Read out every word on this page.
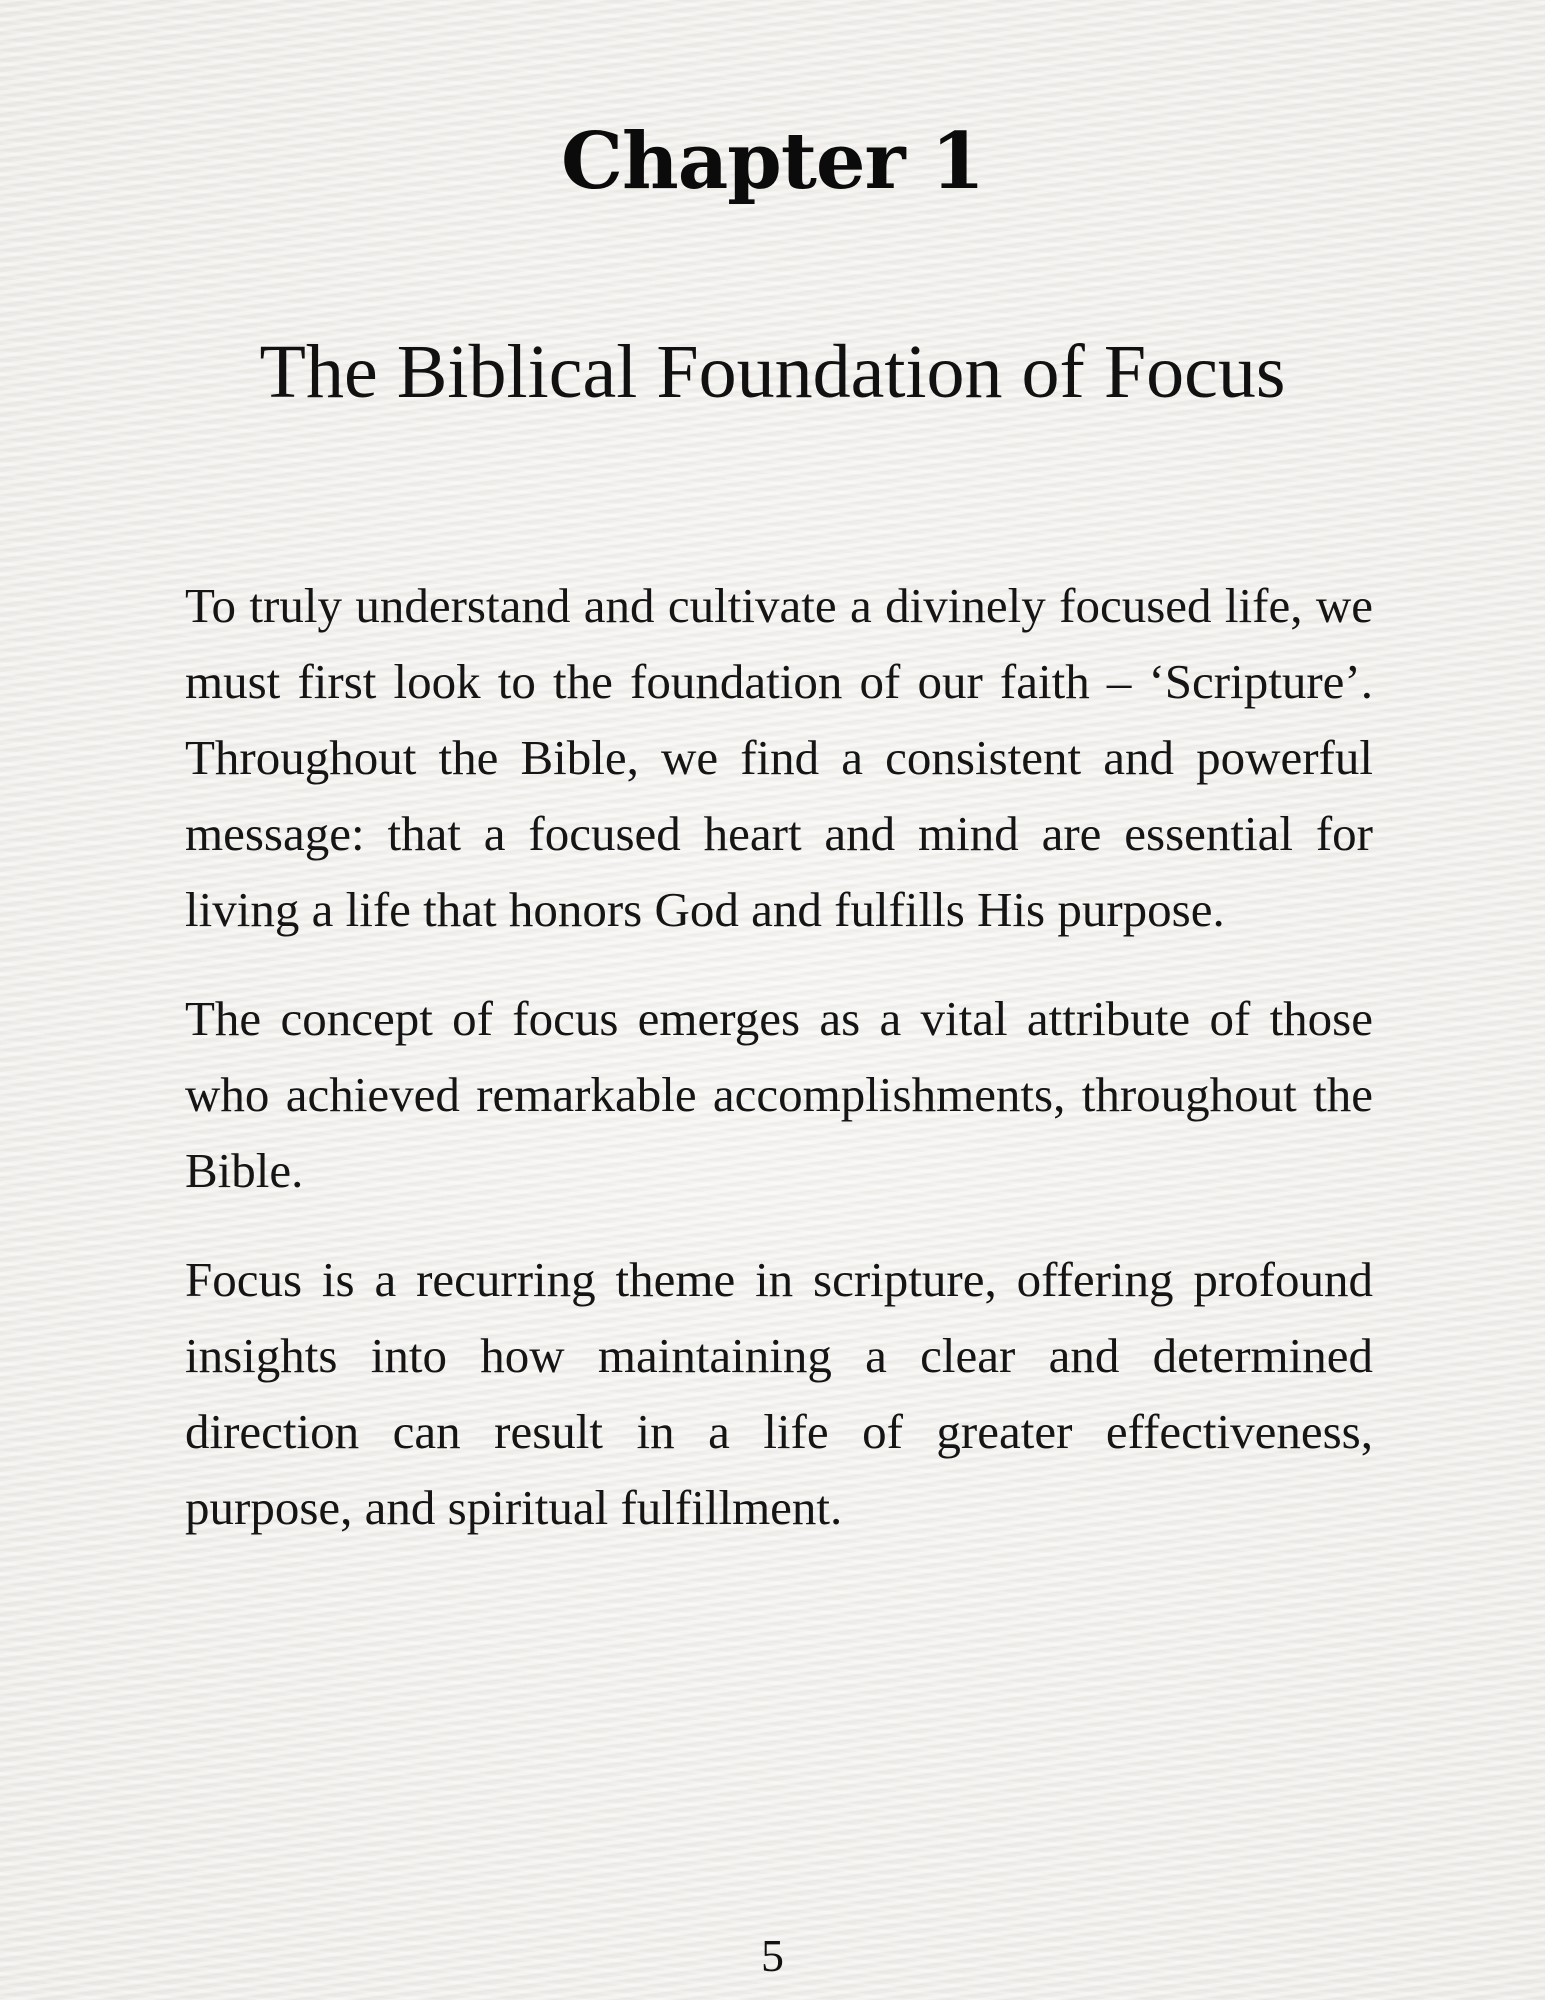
Chapter 1
The Biblical Foundation of Focus

To truly understand and cultivate a divinely focused life, we must first look to the foundation of our faith – ‘Scripture’. Throughout the Bible, we find a consistent and powerful message: that a focused heart and mind are essential for living a life that honors God and fulfills His purpose.

The concept of focus emerges as a vital attribute of those who achieved remarkable accomplishments, throughout the Bible.

Focus is a recurring theme in scripture, offering profound insights into how maintaining a clear and determined direction can result in a life of greater effectiveness, purpose, and spiritual fulfillment.

5
